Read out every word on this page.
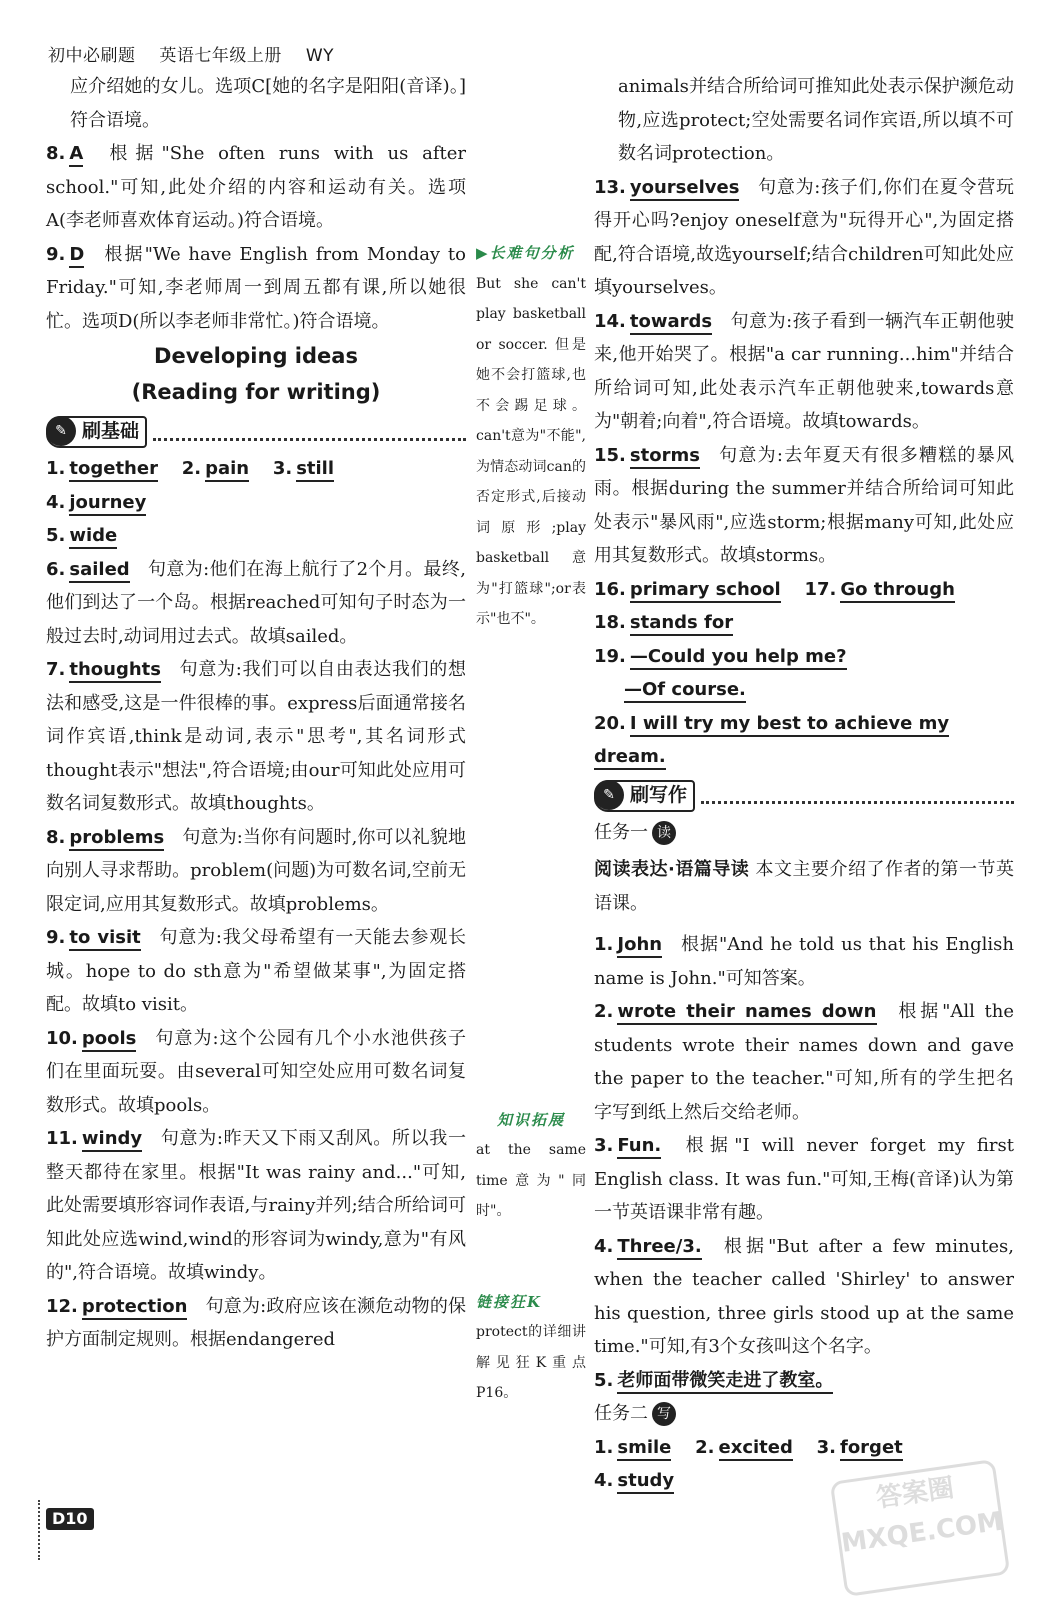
初中必刷题 英语七年级上册 WY

应介绍她的女儿。选项C[她的名字是阳阳(音译)。]符合语境。

8. A 根据"She often runs with us after school."可知,此处介绍的内容和运动有关。选项A(李老师喜欢体育运动。)符合语境。

9. D 根据"We have English from Monday to Friday."可知,李老师周一到周五都有课,所以她很忙。选项D(所以李老师非常忙。)符合语境。

Developing ideas
(Reading for writing)
✎ 刷基础

1. together 2. pain 3. still 4. journey

5. wide

6. sailed 句意为:他们在海上航行了2个月。最终,他们到达了一个岛。根据reached可知句子时态为一般过去时,动词用过去式。故填sailed。

7. thoughts 句意为:我们可以自由表达我们的想法和感受,这是一件很棒的事。express后面通常接名词作宾语,think是动词,表示"思考",其名词形式thought表示"想法",符合语境;由our可知此处应用可数名词复数形式。故填thoughts。

8. problems 句意为:当你有问题时,你可以礼貌地向别人寻求帮助。problem(问题)为可数名词,空前无限定词,应用其复数形式。故填problems。

9. to visit 句意为:我父母希望有一天能去参观长城。hope to do sth意为"希望做某事",为固定搭配。故填to visit。

10. pools 句意为:这个公园有几个小水池供孩子们在里面玩耍。由several可知空处应用可数名词复数形式。故填pools。

11. windy 句意为:昨天又下雨又刮风。所以我一整天都待在家里。根据"It was rainy and..."可知,此处需要填形容词作表语,与rainy并列;结合所给词可知此处应选wind,wind的形容词为windy,意为"有风的",符合语境。故填windy。

12. protection 句意为:政府应该在濒危动物的保护方面制定规则。根据endangered

▶长难句分析

But she can't play basketball or soccer. 但是她不会打篮球,也不会踢足球。can't意为"不能",为情态动词can的否定形式,后接动词原形;play basketball意为"打篮球";or表示"也不"。

知识拓展

at the same time意为"同时"。

链接狂K

protect的详细讲解见狂K重点P16。

animals并结合所给词可推知此处表示保护濒危动物,应选protect;空处需要名词作宾语,所以填不可数名词protection。

13. yourselves 句意为:孩子们,你们在夏令营玩得开心吗?enjoy oneself意为"玩得开心",为固定搭配,符合语境,故选yourself;结合children可知此处应填yourselves。

14. towards 句意为:孩子看到一辆汽车正朝他驶来,他开始哭了。根据"a car running...him"并结合所给词可知,此处表示汽车正朝他驶来,towards意为"朝着;向着",符合语境。故填towards。

15. storms 句意为:去年夏天有很多糟糕的暴风雨。根据during the summer并结合所给词可知此处表示"暴风雨",应选storm;根据many可知,此处应用其复数形式。故填storms。

16. primary school 17. Go through

18. stands for

19. —Could you help me?

—Of course.

20. I will try my best to achieve my dream.

✎ 刷写作

任务一 读

阅读表达·语篇导读 本文主要介绍了作者的第一节英语课。

1. John 根据"And he told us that his English name is John."可知答案。

2. wrote their names down 根据"All the students wrote their names down and gave the paper to the teacher."可知,所有的学生把名字写到纸上然后交给老师。

3. Fun. 根据"I will never forget my first English class. It was fun."可知,王梅(音译)认为第一节英语课非常有趣。

4. Three/3. 根据"But after a few minutes, when the teacher called 'Shirley' to answer his question, three girls stood up at the same time."可知,有3个女孩叫这个名字。

5. 老师面带微笑走进了教室。

任务二 写

1. smile 2. excited 3. forget 4. study

D10
答案圈 MXQE.COM
